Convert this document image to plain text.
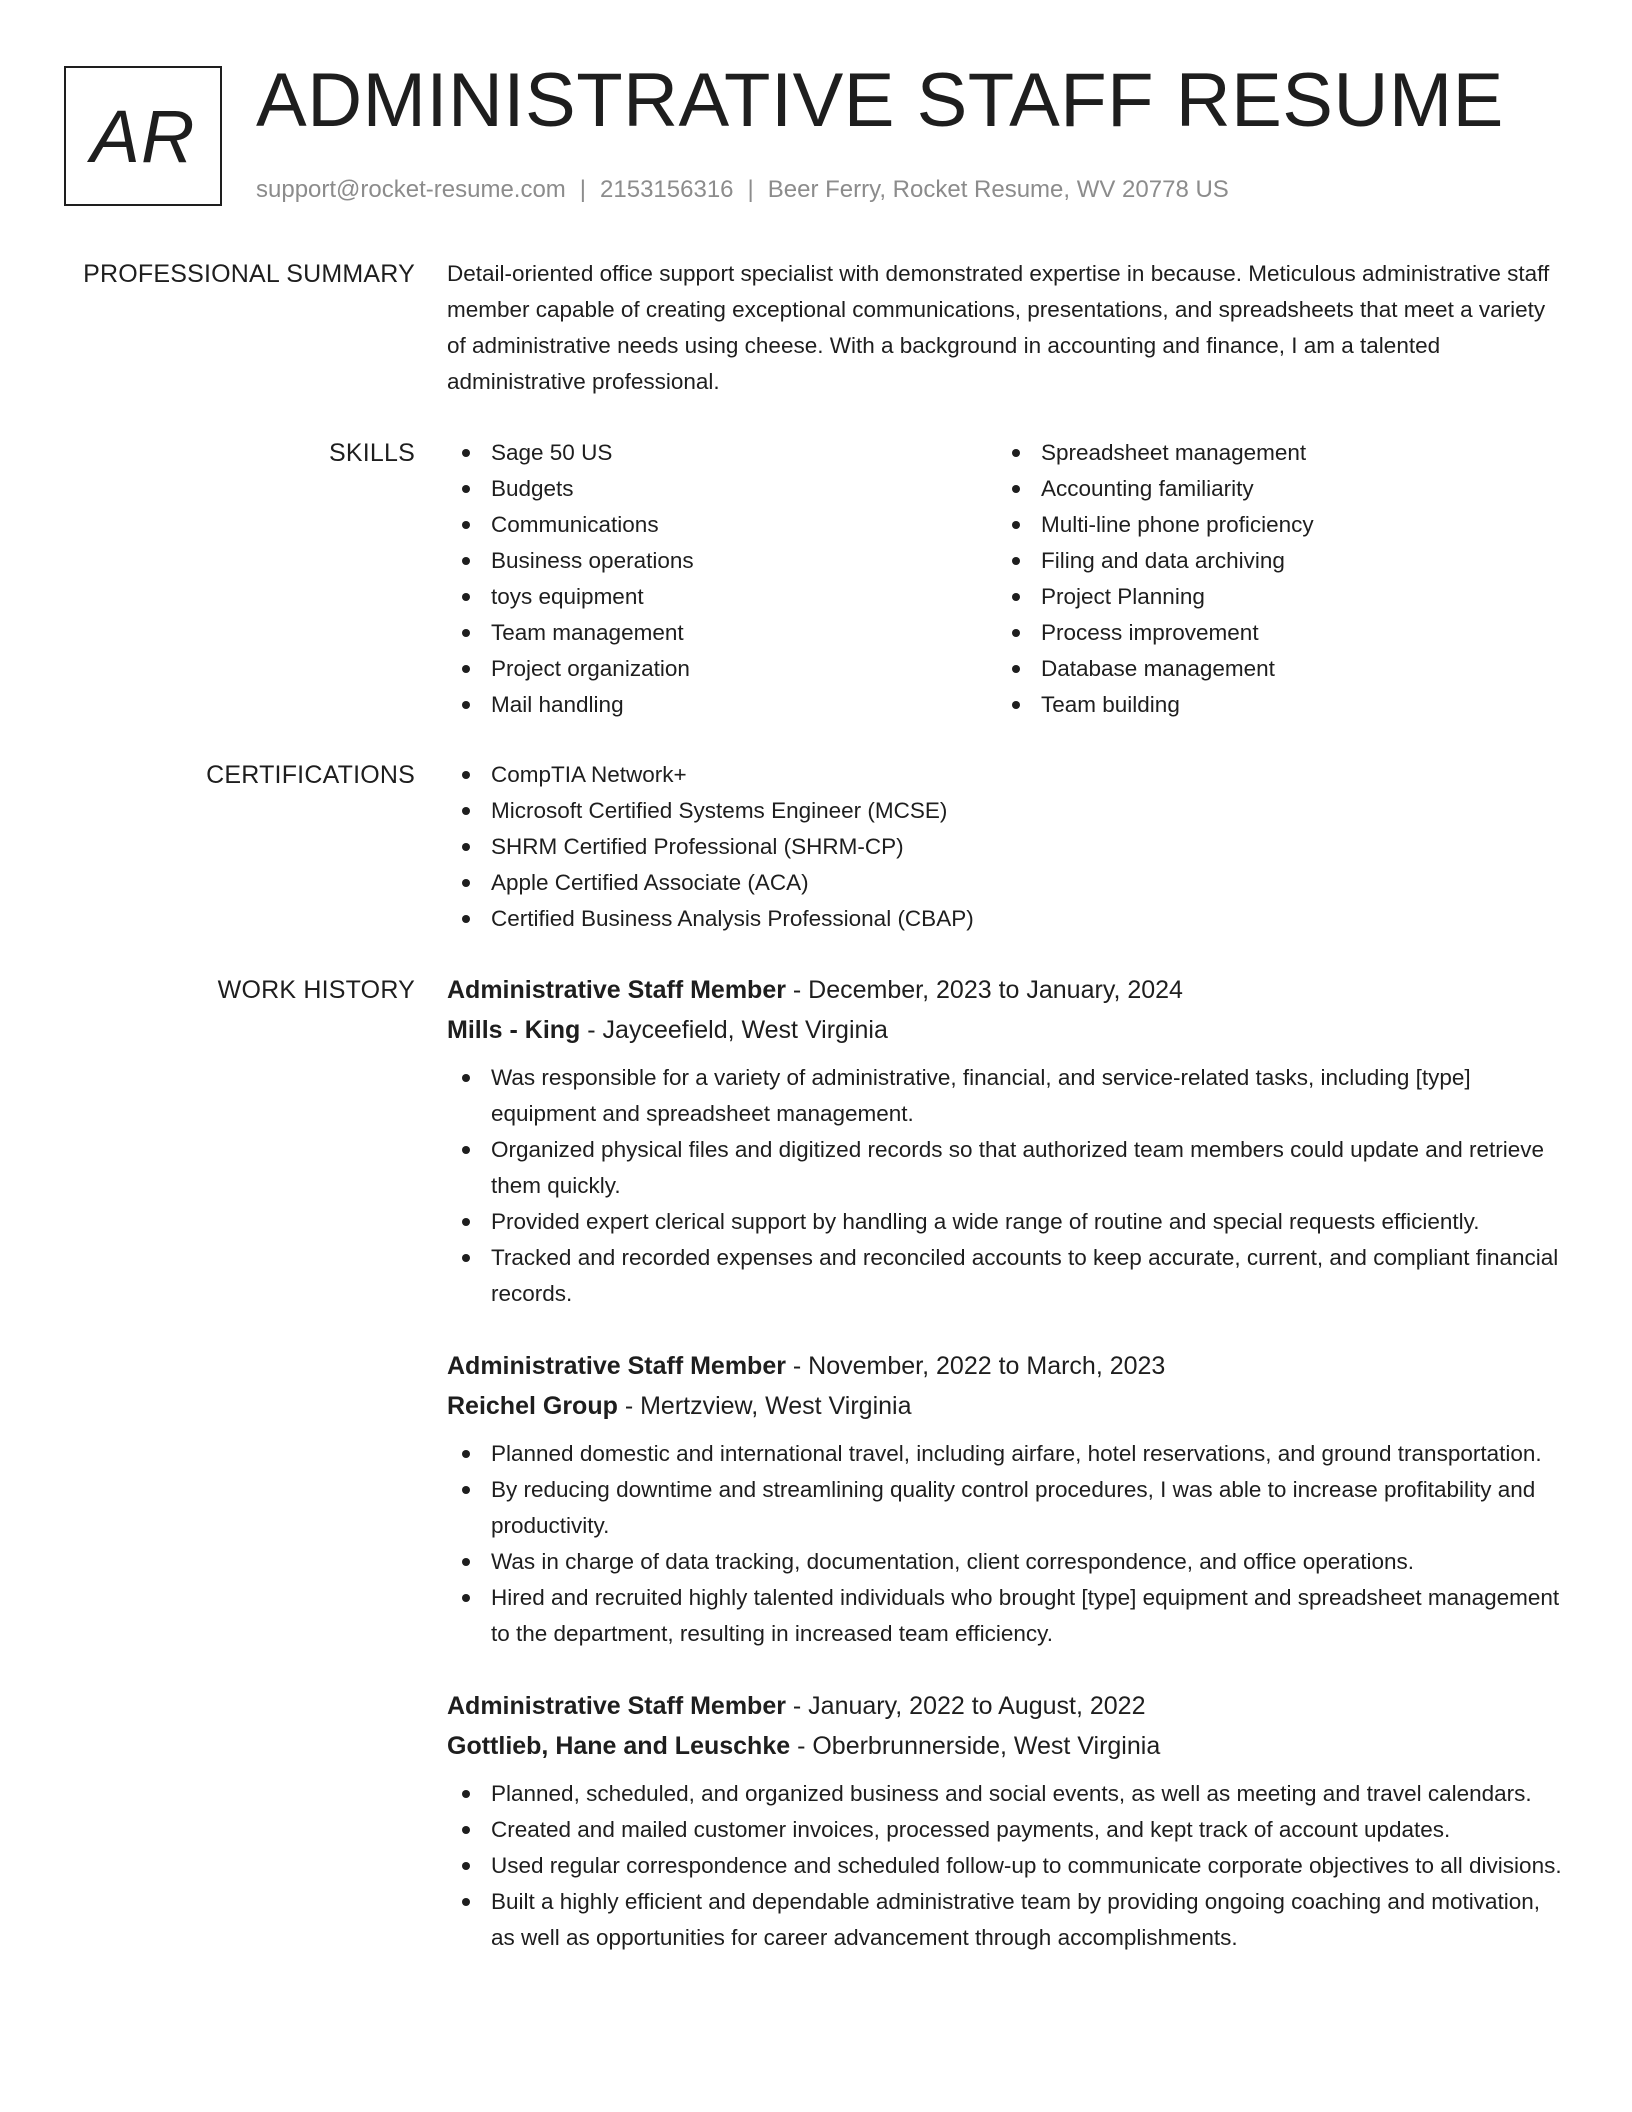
AR ADMINISTRATIVE STAFF RESUME
support@rocket-resume.com | 2153156316 | Beer Ferry, Rocket Resume, WV 20778 US
PROFESSIONAL SUMMARY Detail-oriented office support specialist with demonstrated expertise in because. Meticulous administrative staff member capable of creating exceptional communications, presentations, and spreadsheets that meet a variety of administrative needs using cheese. With a background in accounting and finance, I am a talented administrative professional.

SKILLS	Sage 50 US
Budgets
Communications
Business operations
toys equipment
Team management
Project organization
Mail handling
Spreadsheet management
Accounting familiarity
Multi-line phone proficiency
Filing and data archiving
Project Planning
Process improvement
Database management
Team building
CERTIFICATIONS	CompTIA Network+
Microsoft Certified Systems Engineer (MCSE)
SHRM Certified Professional (SHRM-CP)
Apple Certified Associate (ACA)
Certified Business Analysis Professional (CBAP)
WORK HISTORY Administrative Staff Member - December, 2023 to January, 2024
Mills - King - Jayceefield, West Virginia
Was responsible for a variety of administrative, financial, and service-related tasks, including [type] equipment and spreadsheet management.
Organized physical files and digitized records so that authorized team members could update and retrieve them quickly.
Provided expert clerical support by handling a wide range of routine and special requests efficiently.
Tracked and recorded expenses and reconciled accounts to keep accurate, current, and compliant financial records.
Administrative Staff Member - November, 2022 to March, 2023
Reichel Group - Mertzview, West Virginia
Planned domestic and international travel, including airfare, hotel reservations, and ground transportation.
By reducing downtime and streamlining quality control procedures, I was able to increase profitability and productivity.
Was in charge of data tracking, documentation, client correspondence, and office operations.
Hired and recruited highly talented individuals who brought [type] equipment and spreadsheet management to the department, resulting in increased team efficiency.
Administrative Staff Member - January, 2022 to August, 2022
Gottlieb, Hane and Leuschke - Oberbrunnerside, West Virginia
Planned, scheduled, and organized business and social events, as well as meeting and travel calendars.
Created and mailed customer invoices, processed payments, and kept track of account updates.
Used regular correspondence and scheduled follow-up to communicate corporate objectives to all divisions.
Built a highly efficient and dependable administrative team by providing ongoing coaching and motivation, as well as opportunities for career advancement through accomplishments.
